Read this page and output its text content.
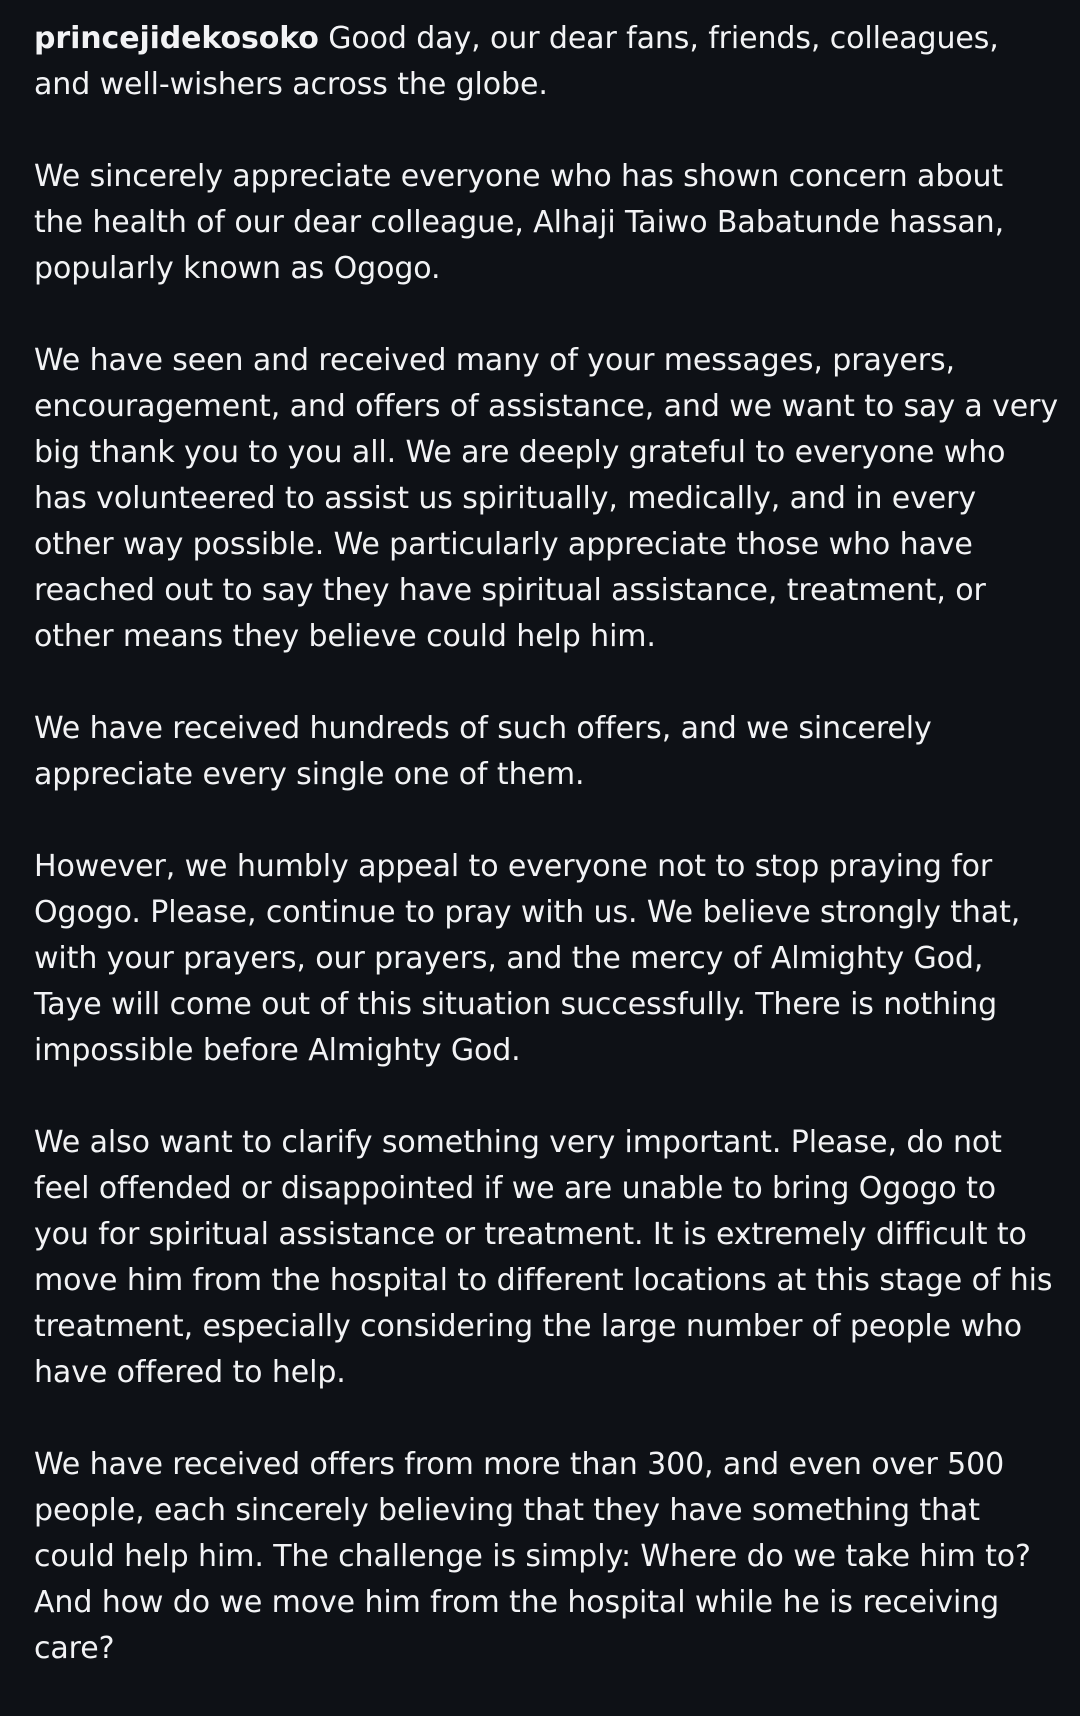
princejidekosoko Good day, our dear fans, friends, colleagues, and well-wishers across the globe.

We sincerely appreciate everyone who has shown concern about the health of our dear colleague, Alhaji Taiwo Babatunde hassan, popularly known as Ogogo.

We have seen and received many of your messages, prayers, encouragement, and offers of assistance, and we want to say a very big thank you to you all. We are deeply grateful to everyone who has volunteered to assist us spiritually, medically, and in every other way possible. We particularly appreciate those who have reached out to say they have spiritual assistance, treatment, or other means they believe could help him.

We have received hundreds of such offers, and we sincerely appreciate every single one of them.

However, we humbly appeal to everyone not to stop praying for Ogogo. Please, continue to pray with us. We believe strongly that, with your prayers, our prayers, and the mercy of Almighty God, Taye will come out of this situation successfully. There is nothing impossible before Almighty God.

We also want to clarify something very important. Please, do not feel offended or disappointed if we are unable to bring Ogogo to you for spiritual assistance or treatment. It is extremely difficult to move him from the hospital to different locations at this stage of his treatment, especially considering the large number of people who have offered to help.

We have received offers from more than 300, and even over 500 people, each sincerely believing that they have something that could help him. The challenge is simply: Where do we take him to? And how do we move him from the hospital while he is receiving care?
